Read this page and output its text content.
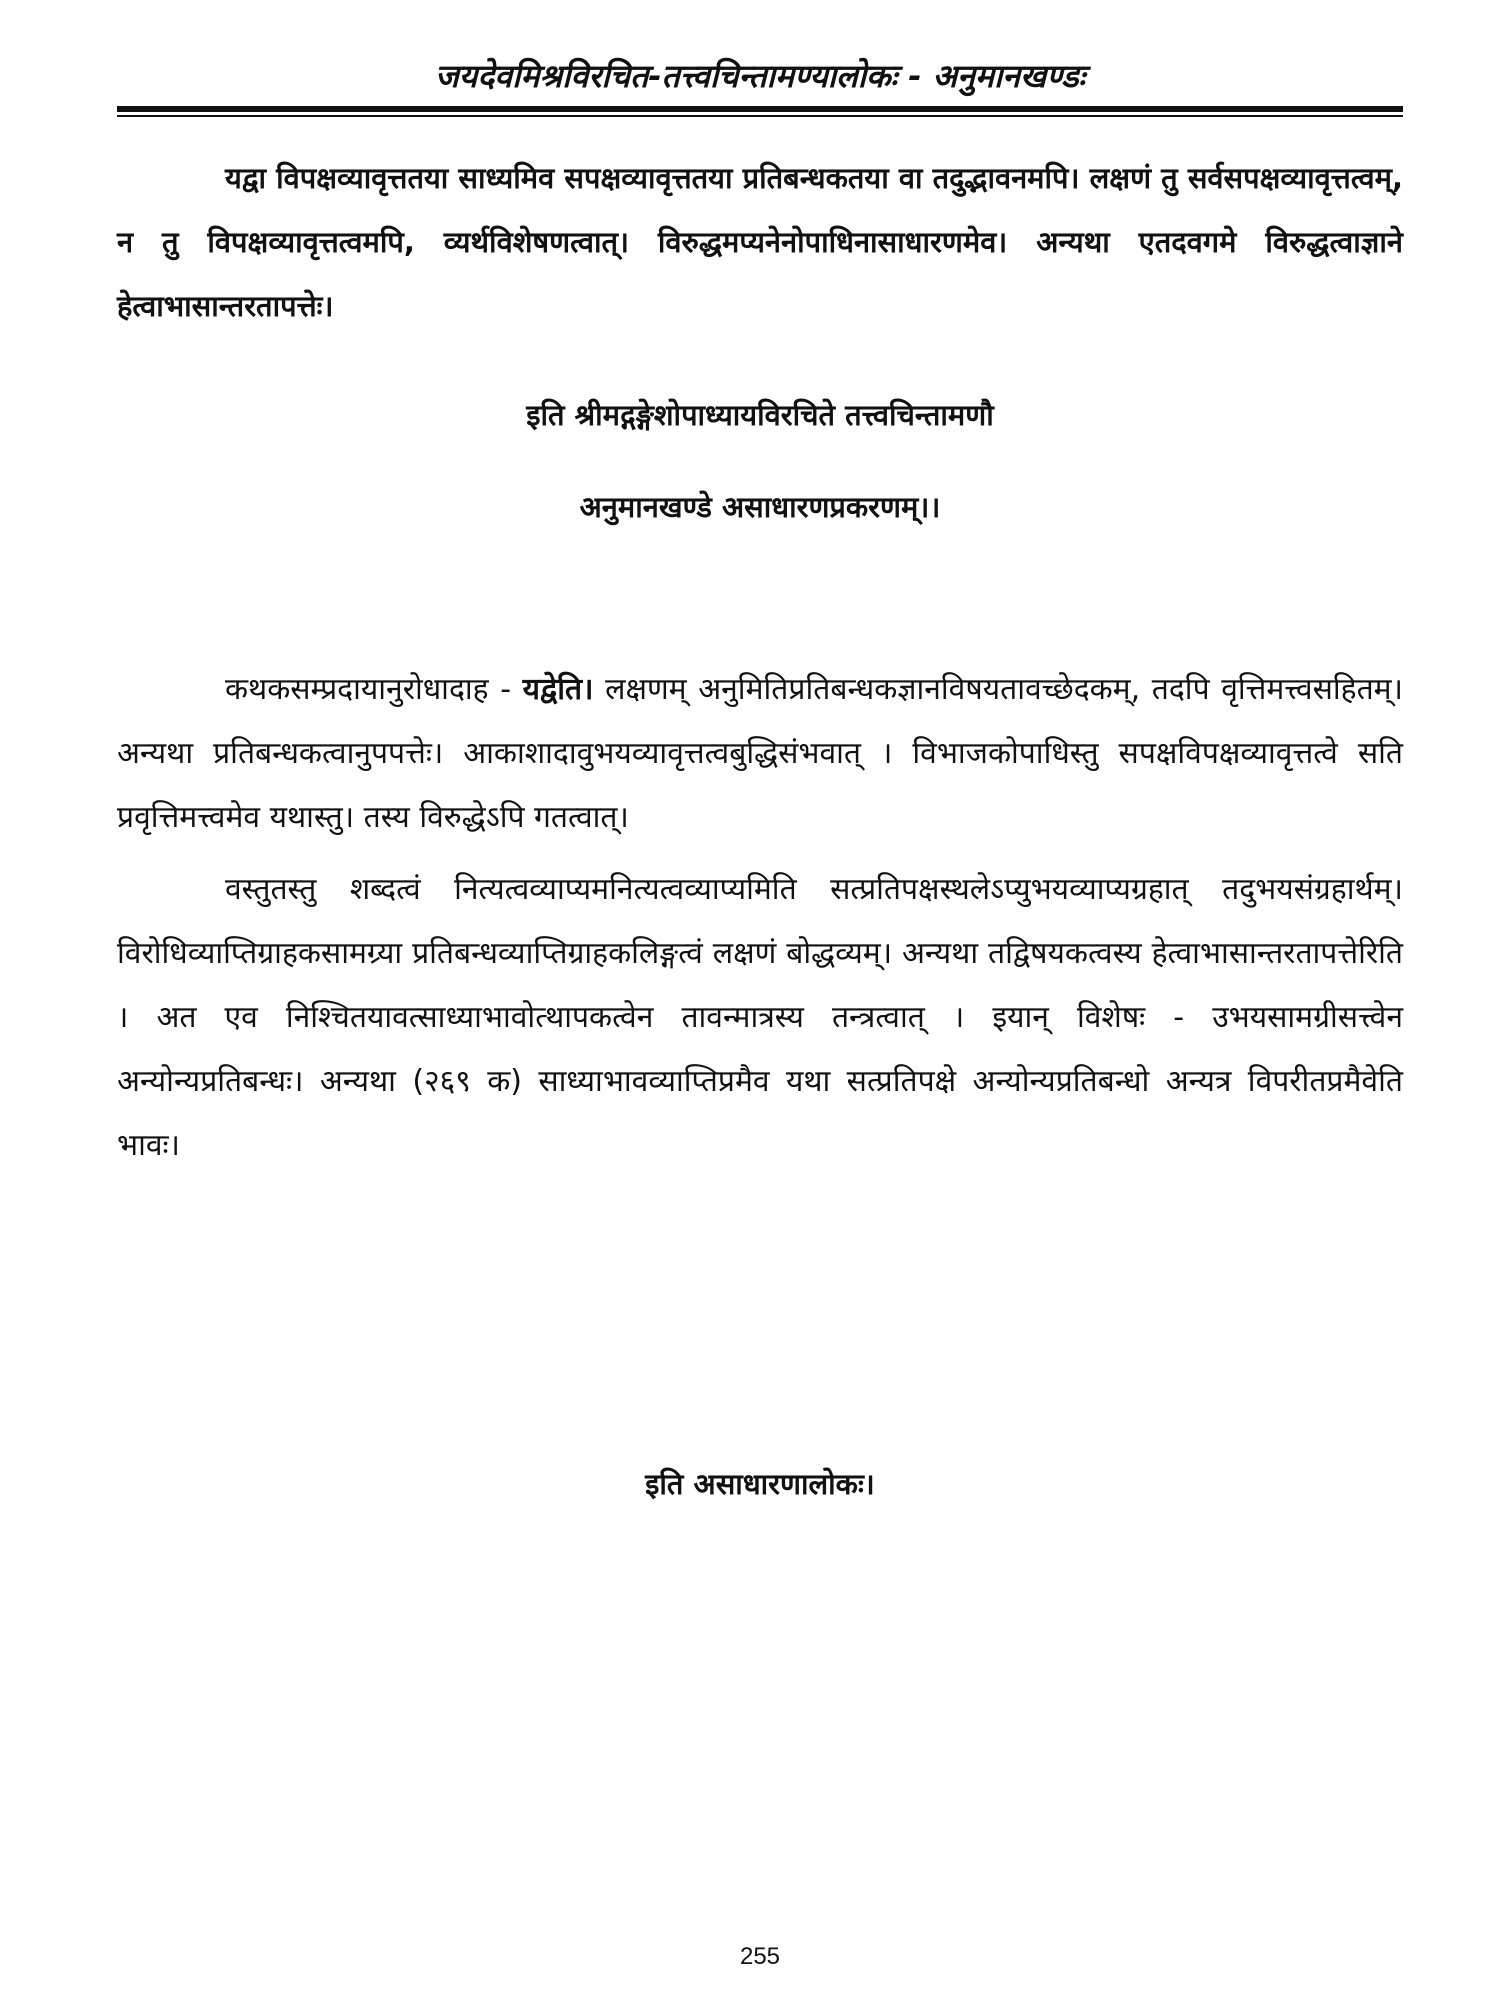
जयदेवमिश्रविरचित-तत्त्वचिन्तामण्यालोकः - अनुमानखण्डः

यद्वा विपक्षव्यावृत्ततया साध्यमिव सपक्षव्यावृत्ततया प्रतिबन्धकतया वा तदुद्भावनमपि। लक्षणं तु सर्वसपक्षव्यावृत्तत्वम्, न तु विपक्षव्यावृत्तत्वमपि, व्यर्थविशेषणत्वात्। विरुद्धमप्यनेनोपाधिनासाधारणमेव। अन्यथा एतदवगमे विरुद्धत्वाज्ञाने हेत्वाभासान्तरतापत्तेः।

इति श्रीमद्गङ्गेशोपाध्यायविरचिते तत्त्वचिन्तामणौ
अनुमानखण्डे असाधारणप्रकरणम्।।

कथकसम्प्रदायानुरोधादाह - यद्वेति। लक्षणम् अनुमितिप्रतिबन्धकज्ञानविषयतावच्छेदकम्, तदपि वृत्तिमत्त्वसहितम्। अन्यथा प्रतिबन्धकत्वानुपपत्तेः। आकाशादावुभयव्यावृत्तत्वबुद्धिसंभवात् । विभाजकोपाधिस्तु सपक्षविपक्षव्यावृत्तत्वे सति प्रवृत्तिमत्त्वमेव यथास्तु। तस्य विरुद्धेऽपि गतत्वात्।

वस्तुतस्तु शब्दत्वं नित्यत्वव्याप्यमनित्यत्वव्याप्यमिति सत्प्रतिपक्षस्थलेऽप्युभयव्याप्यग्रहात् तदुभयसंग्रहार्थम्। विरोधिव्याप्तिग्राहकसामग्र्या प्रतिबन्धव्याप्तिग्राहकलिङ्गत्वं लक्षणं बोद्धव्यम्। अन्यथा तद्विषयकत्वस्य हेत्वाभासान्तरतापत्तेरिति । अत एव निश्चितयावत्साध्याभावोत्थापकत्वेन तावन्मात्रस्य तन्त्रत्वात् । इयान् विशेषः - उभयसामग्रीसत्त्वेन अन्योन्यप्रतिबन्धः। अन्यथा (२६९ क) साध्याभावव्याप्तिप्रमैव यथा सत्प्रतिपक्षे अन्योन्यप्रतिबन्धो अन्यत्र विपरीतप्रमैवेति भावः।

इति असाधारणालोकः।
255
